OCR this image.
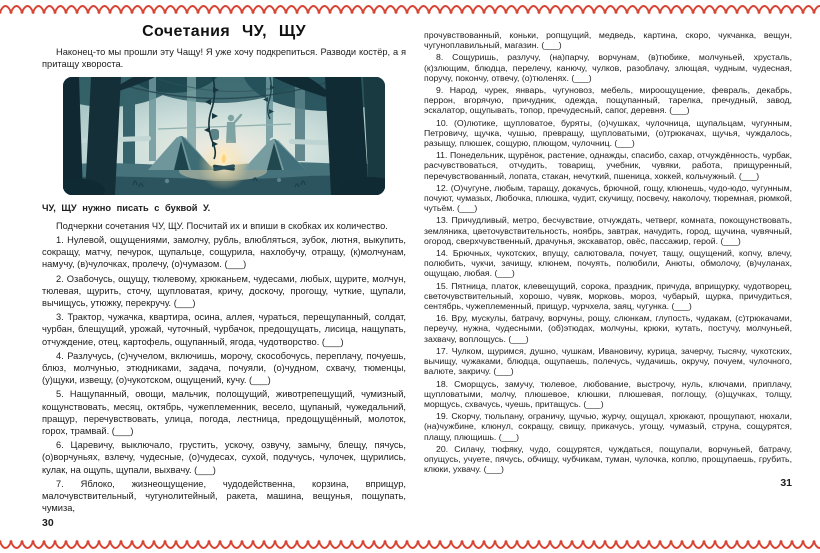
Сочетания ЧУ, ЩУ

Наконец-то мы прошли эту Чащу! Я уже хочу подкрепиться. Разводи костёр, а я притащу хвороста.

ЧУ, ЩУ нужно писать с буквой У.

Подчеркни сочетания ЧУ, ЩУ. Посчитай их и впиши в скобках их количество.

1. Нулевой, ощущениями, замолчу, рубль, влюбляться, зубок, лютня, выкупить, сокращу, матчу, печурок, щупальце, сощурила, нахлобучу, отращу, (к)молчунам, намучу, (в)чулочках, пролечу, (о)чумазом. (___)

2. Озабочусь, ощущу, тюлевому, хрюканьем, чудесами, любых, щурите, молчун, тюлевая, щурить, сточу, щупловатая, кричу, доскочу, прогощу, чуткие, щупали, вычищусь, утюжку, перекручу. (___)

3. Трактор, чужачка, квартира, осина, аллея, чураться, перещупанный, солдат, чурбан, блещущий, урожай, чуточный, чурбачок, предощущать, лисица, нащупать, отчуждение, отец, картофель, ощупанный, ягода, чудотворство. (___)

4. Разлучусь, (с)чучелом, включишь, морочу, скособочусь, переплачу, почуешь, блюз, молчунью, этюдниками, задача, почуяли, (о)чудном, схвачу, тюменцы, (у)щуки, извещу, (о)чукотском, ощущений, кучу. (___)

5. Нащупанный, овощи, мальчик, полощущий, животрепещущий, чумизный, кощунствовать, месяц, октябрь, чужеплеменник, весело, щупаный, чужедальний, пращур, перечувствовать, улица, погода, лестница, предощущённый, молоток, горох, трамвай. (___)

6. Царевичу, выключало, грустить, ускочу, озвучу, замычу, блещу, пячусь, (о)ворчуньях, взлечу, чудесные, (о)чудесах, сухой, подучусь, чулочек, щурились, кулак, на ощупь, щупали, выхвачу. (___)

7. Яблоко, жизнеощущение, чудодейственна, корзина, вприщур, малочувствительный, чугунолитейный, ракета, машина, вещунья, пощупать, чумиза,

30

прочувствованный, коньки, ропщущий, медведь, картина, скоро, чукчанка, вещун, чугуноплавильный, магазин. (___)

8. Сощуришь, разлучу, (на)парчу, ворчунам, (в)тюбике, молчуньей, хрусталь, (к)злющим, блюдца, перелечу, канючу, чулков, разоблачу, злющая, чудным, чудесная, поручу, покончу, отвечу, (о)тюленях. (___)

9. Народ, чурек, январь, чугуновоз, мебель, мироощущение, февраль, декабрь, перрон, вгорячую, причудник, одежда, пощупанный, тарелка, пречудный, завод, эскалатор, ощупывать, топор, пречудесный, сапог, деревня. (___)

10. (О)лютике, щупловатое, буряты, (о)чушках, чулочница, щупальцам, чугунным, Петровичу, щучка, чушью, превращу, щупловатыми, (о)трюкачах, щучья, чуждалось, разыщу, плюшек, сощурю, плющом, чулочниц. (___)

11. Понедельник, щурёнок, растение, однажды, спасибо, сахар, отчуждённость, чурбак, расчувствоваться, отчудить, товарищ, учебник, чувяки, работа, прищуренный, перечувствованный, лопата, стакан, нечуткий, пшеница, хоккей, кольчужный. (___)

12. (О)чугуне, любым, таращу, докачусь, брючной, гощу, клюнешь, чудо-юдо, чугунным, почуют, чумазых, Любочка, плюшка, чудит, скучищу, посвечу, наколочу, тюремная, рюмкой, чутьём. (___)

13. Причудливый, метро, бесчувствие, отчуждать, четверг, комната, покощунствовать, земляника, цветочувствительность, ноябрь, завтрак, начудить, город, щучина, чувячный, огород, сверхчувственный, драчунья, экскаватор, овёс, пассажир, герой. (___)

14. Брючных, чукотских, впущу, салютовала, почует, тащу, ощущений, копчу, влечу, полюбить, чукчи, зачищу, клюнем, почуять, полюбили, Анюты, обмолочу, (в)чуланах, ощущаю, любая. (___)

15. Пятница, платок, клевещущий, сорока, праздник, причуда, вприщурку, чудотворец, светочувствительный, хорошо, чувяк, морковь, мороз, чубарый, щурка, причудиться, сентябрь, чужеплеменный, прищур, чурчхела, заяц, чугунка. (___)

16. Вру, мускулы, батрачу, ворчуны, рощу, слюнкам, глупость, чудакам, (с)трюкачами, переучу, нужна, чудесными, (об)этюдах, молчуны, крюки, кутать, постучу, молчуньей, захвачу, воплощусь. (___)

17. Чулком, щуримся, душно, чушкам, Ивановичу, курица, зачерчу, тысячу, чукотских, вычищу, чужаками, блюдца, ощупаешь, полечусь, чудачишь, окручу, почуем, чулочного, валюте, закричу. (___)

18. Сморщусь, замучу, тюлевое, любование, выстрочу, нуль, ключами, приплачу, щупловатыми, молчу, плюшевое, клюшки, плюшевая, поглощу, (о)щучках, толщу, морщусь, схвачусь, чуешь, притащусь. (___)

19. Скорчу, тюльпану, ограничу, щучью, журчу, ощущал, хрюкают, прощупают, нюхали, (на)чужбине, клюнул, сокращу, свищу, прикачусь, угощу, чумазый, струна, сощурятся, плащу, плющишь. (___)

20. Силачу, тюфяку, чудо, сощурятся, чуждаться, пощупали, ворчуньей, батрачу, опущусь, учуете, пячусь, обчищу, чубчикам, туман, чулочка, коплю, прощупаешь, грубить, клюки, ухвачу. (___)

31
